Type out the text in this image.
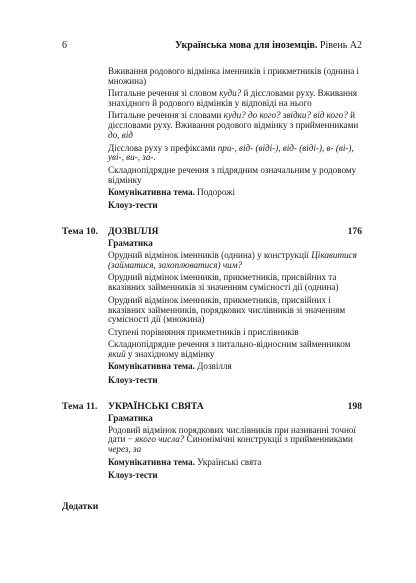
6	Українська мова для іноземців. Рівень А2

Вживання родового відмінка іменників і прикметників (однина і множина)

Питальне речення зі словом куди? й дієсловами руху. Вживання знахідного й родового відмінків у відповіді на нього

Питальне речення зі словами куди? до кого? звідки? від кого? й дієсловами руху. Вживання родового відмінку з прийменниками до, від

Дієслова руху з префіксами при-, від- (віді-), від- (віді-), в- (ві-), уві-, ви-, за-.

Складнопідрядне речення з підрядним означальним у родовому відмінку

Комунікативна тема. Подорожі

Клоуз-тести

Тема 10. ДОЗВІЛЛЯ	176

Граматика

Орудний відмінок іменників (однина) у конструкції Цікавитися (займатися, захоплюватися) чим?

Орудний відмінок іменників, прикметників, присвійних та вказівних займенників зі значенням сумісності дії (однина)

Орудний відмінок іменників, прикметників, присвійних і вказівних займенників, порядкових числівників зі значенням сумісності дії (множина)

Ступені порівняння прикметників і прислівників

Складнопідрядне речення з питально-відносним займенником який у знахідному відмінку

Комунікативна тема. Дозвілля

Клоуз-тести

Тема 11. УКРАЇНСЬКІ СВЯТА	198

Граматика

Родовий відмінок порядкових числівників при називанні точної дати − якого числа? Синонімічні конструкції з прийменниками через, за

Комунікативна тема. Українські свята

Клоуз-тести

Додатки
